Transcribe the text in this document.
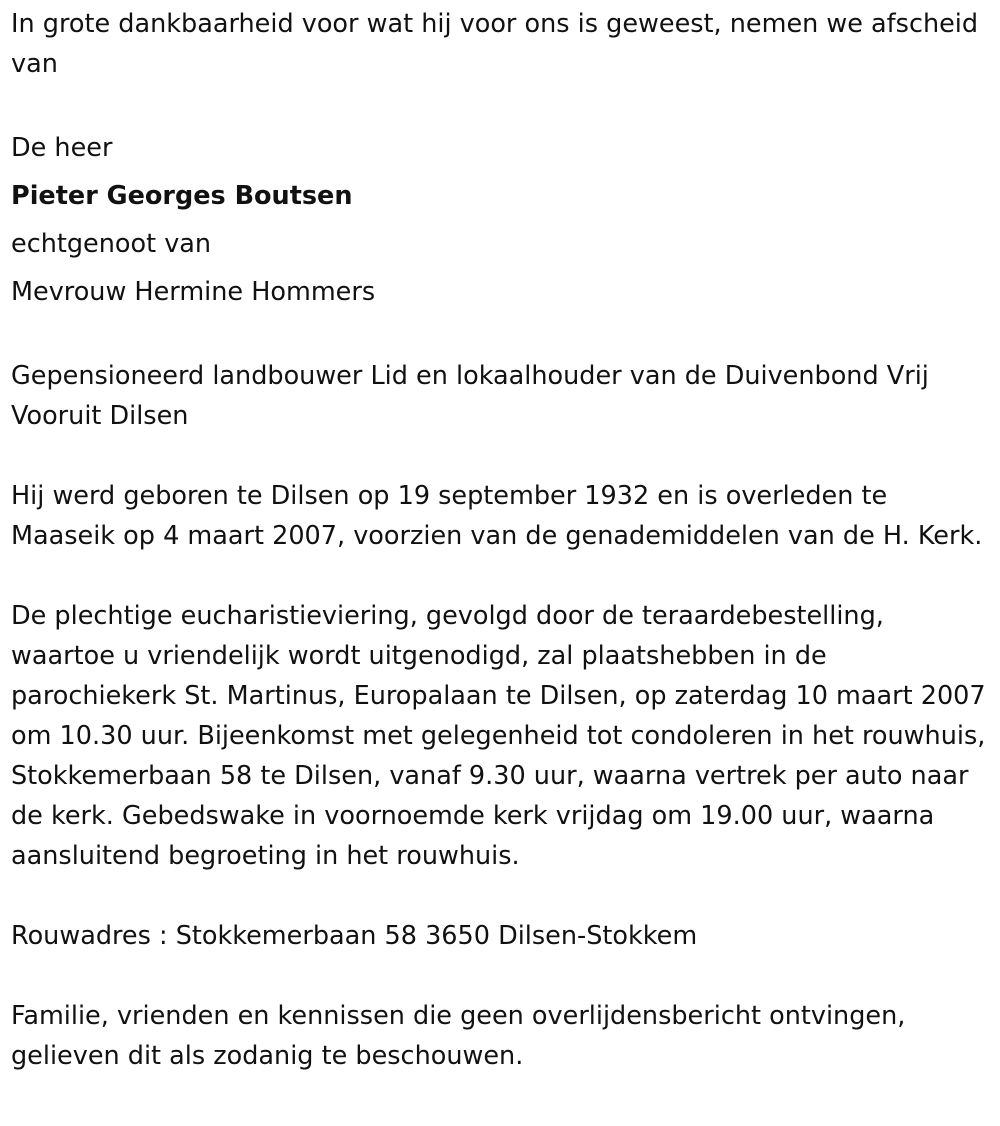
In grote dankbaarheid voor wat hij voor ons is geweest, nemen we afscheid van

De heer

Pieter Georges Boutsen

echtgenoot van

Mevrouw Hermine Hommers

Gepensioneerd landbouwer Lid en lokaalhouder van de Duivenbond Vrij Vooruit Dilsen

Hij werd geboren te Dilsen op 19 september 1932 en is overleden te Maaseik op 4 maart 2007, voorzien van de genademiddelen van de H. Kerk.

De plechtige eucharistieviering, gevolgd door de teraardebestelling, waartoe u vriendelijk wordt uitgenodigd, zal plaatshebben in de parochiekerk St. Martinus, Europalaan te Dilsen, op zaterdag 10 maart 2007 om 10.30 uur. Bijeenkomst met gelegenheid tot condoleren in het rouwhuis, Stokkemerbaan 58 te Dilsen, vanaf 9.30 uur, waarna vertrek per auto naar de kerk. Gebedswake in voornoemde kerk vrijdag om 19.00 uur, waarna aansluitend begroeting in het rouwhuis.

Rouwadres : Stokkemerbaan 58 3650 Dilsen-Stokkem

Familie, vrienden en kennissen die geen overlijdensbericht ontvingen, gelieven dit als zodanig te beschouwen.
